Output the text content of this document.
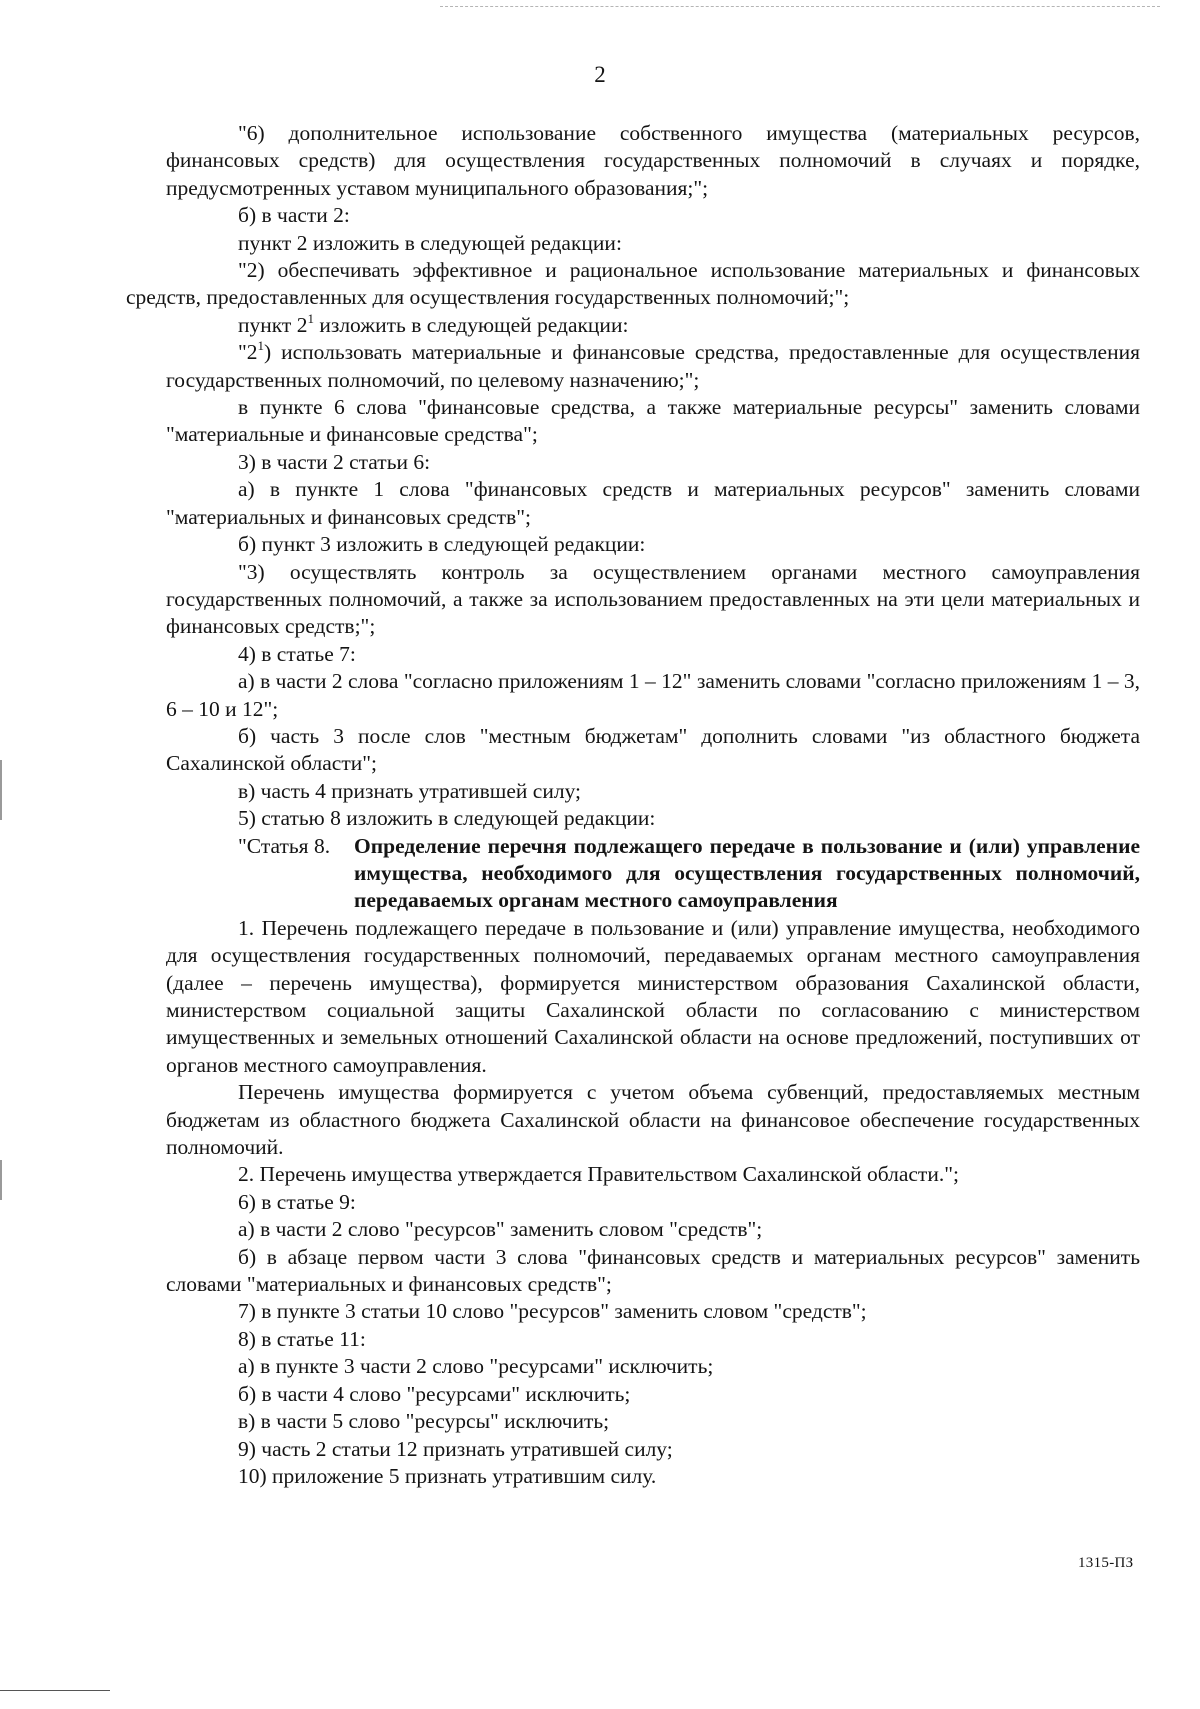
2

"6) дополнительное использование собственного имущества (материальных ресурсов, финансовых средств) для осуществления государственных полномочий в случаях и порядке, предусмотренных уставом муниципального образования;";

б) в части 2:

пункт 2 изложить в следующей редакции:

"2) обеспечивать эффективное и рациональное использование материальных и финансовых средств, предоставленных для осуществления государственных полномочий;";

пункт $2^1$ изложить в следующей редакции:

"$2^1$) использовать материальные и финансовые средства, предоставленные для осуществления государственных полномочий, по целевому назначению;";

в пункте 6 слова "финансовые средства, а также материальные ресурсы" заменить словами "материальные и финансовые средства";

3) в части 2 статьи 6:

а) в пункте 1 слова "финансовых средств и материальных ресурсов" заменить словами "материальных и финансовых средств";

б) пункт 3 изложить в следующей редакции:

"3) осуществлять контроль за осуществлением органами местного самоуправления государственных полномочий, а также за использованием предоставленных на эти цели материальных и финансовых средств;";

4) в статье 7:

а) в части 2 слова "согласно приложениям 1 – 12" заменить словами "согласно приложениям 1 – 3, 6 – 10 и 12";

б) часть 3 после слов "местным бюджетам" дополнить словами "из областного бюджета Сахалинской области";

в) часть 4 признать утратившей силу;

5) статью 8 изложить в следующей редакции:

"Статья 8. Определение перечня подлежащего передаче в пользование и (или) управление имущества, необходимого для осуществления государственных полномочий, передаваемых органам местного самоуправления

1. Перечень подлежащего передаче в пользование и (или) управление имущества, необходимого для осуществления государственных полномочий, передаваемых органам местного самоуправления (далее – перечень имущества), формируется министерством образования Сахалинской области, министерством социальной защиты Сахалинской области по согласованию с министерством имущественных и земельных отношений Сахалинской области на основе предложений, поступивших от органов местного самоуправления.

Перечень имущества формируется с учетом объема субвенций, предоставляемых местным бюджетам из областного бюджета Сахалинской области на финансовое обеспечение государственных полномочий.

2. Перечень имущества утверждается Правительством Сахалинской области.";

6) в статье 9:

а) в части 2 слово "ресурсов" заменить словом "средств";

б) в абзаце первом части 3 слова "финансовых средств и материальных ресурсов" заменить словами "материальных и финансовых средств";

7) в пункте 3 статьи 10 слово "ресурсов" заменить словом "средств";

8) в статье 11:

а) в пункте 3 части 2 слово "ресурсами" исключить;

б) в части 4 слово "ресурсами" исключить;

в) в части 5 слово "ресурсы" исключить;

9) часть 2 статьи 12 признать утратившей силу;

10) приложение 5 признать утратившим силу.

1315-ПЗ
